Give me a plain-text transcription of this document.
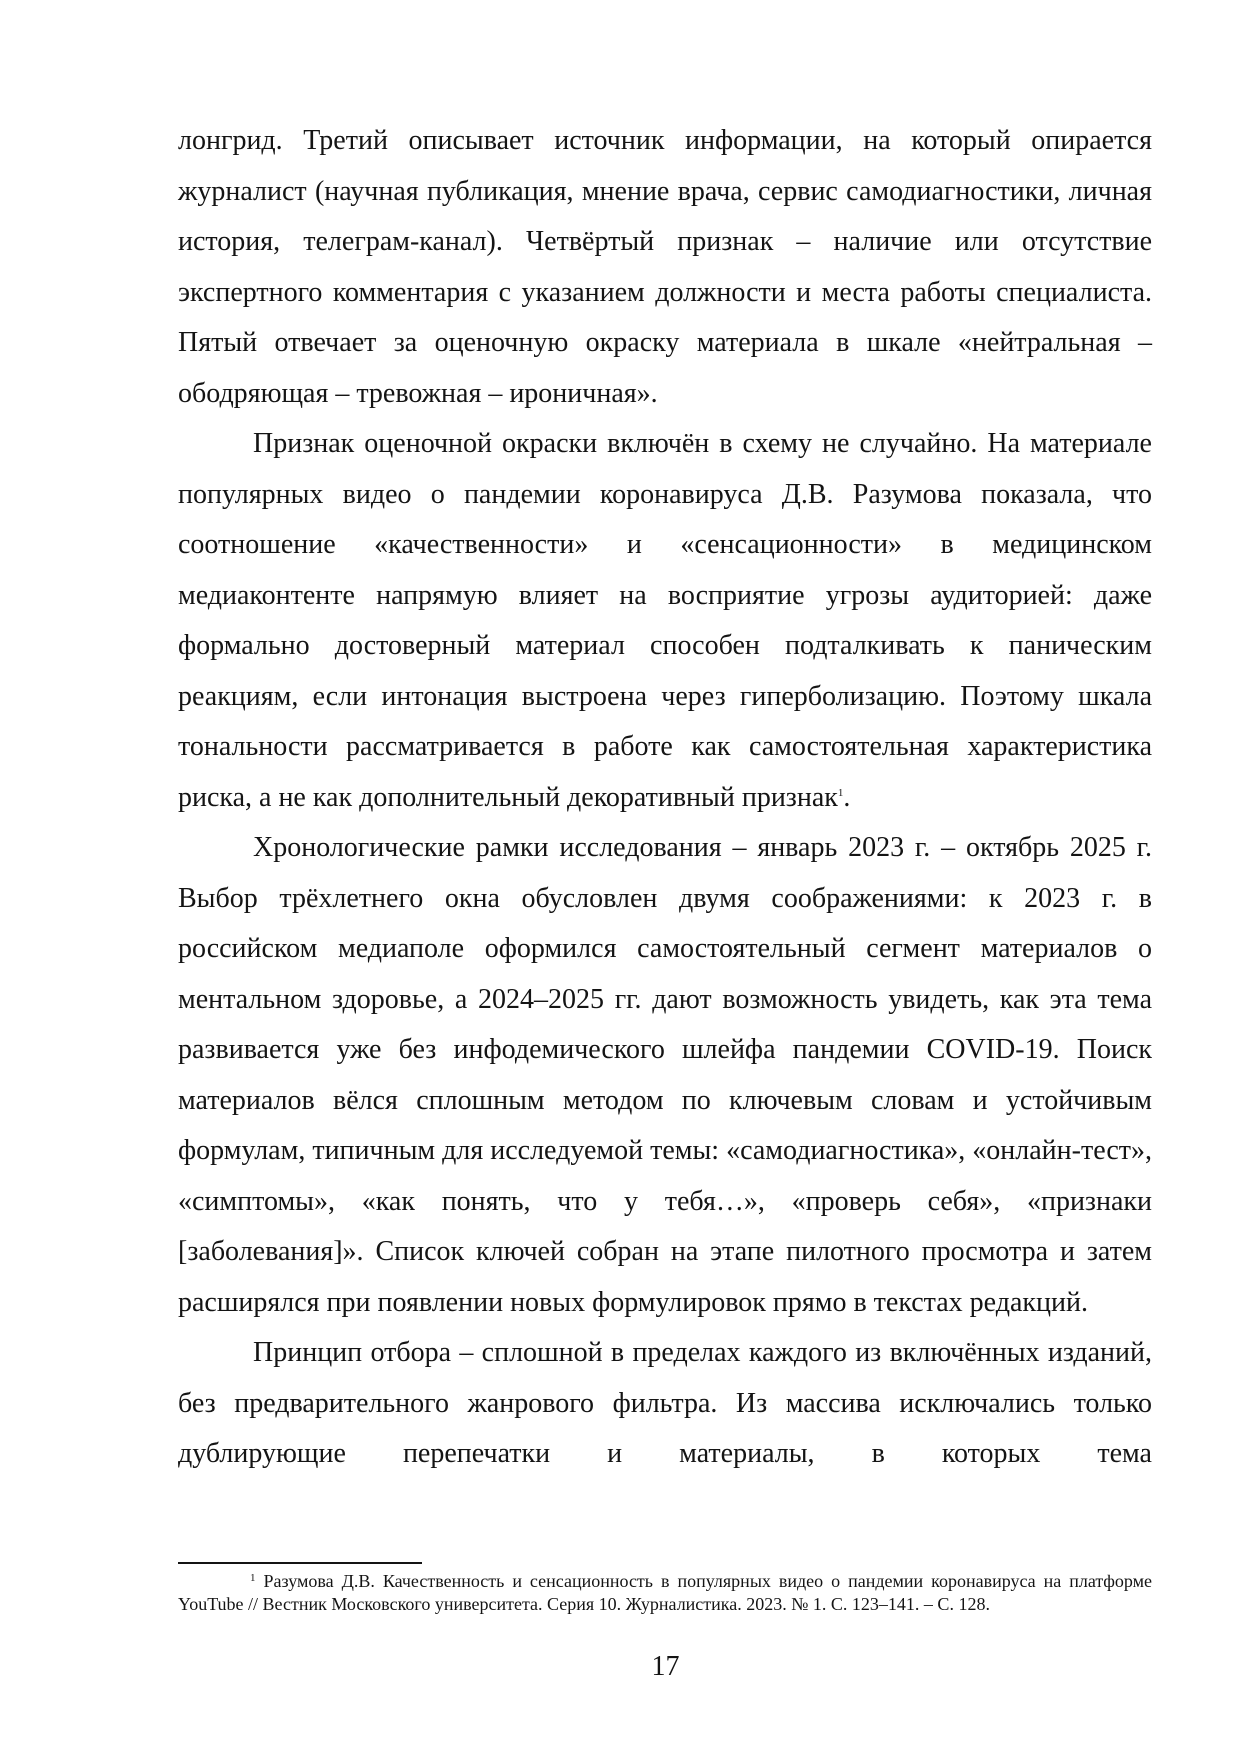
лонгрид. Третий описывает источник информации, на который опирается журналист (научная публикация, мнение врача, сервис самодиагностики, личная история, телеграм-канал). Четвёртый признак – наличие или отсутствие экспертного комментария с указанием должности и места работы специалиста. Пятый отвечает за оценочную окраску материала в шкале «нейтральная – ободряющая – тревожная – ироничная».

Признак оценочной окраски включён в схему не случайно. На материале популярных видео о пандемии коронавируса Д.В. Разумова показала, что соотношение «качественности» и «сенсационности» в медицинском медиаконтенте напрямую влияет на восприятие угрозы аудиторией: даже формально достоверный материал способен подталкивать к паническим реакциям, если интонация выстроена через гиперболизацию. Поэтому шкала тональности рассматривается в работе как самостоятельная характеристика риска, а не как дополнительный декоративный признак$^1$.

Хронологические рамки исследования – январь 2023 г. – октябрь 2025 г. Выбор трёхлетнего окна обусловлен двумя соображениями: к 2023 г. в российском медиаполе оформился самостоятельный сегмент материалов о ментальном здоровье, а 2024–2025 гг. дают возможность увидеть, как эта тема развивается уже без инфодемического шлейфа пандемии COVID-19. Поиск материалов вёлся сплошным методом по ключевым словам и устойчивым формулам, типичным для исследуемой темы: «самодиагностика», «онлайн-тест», «симптомы», «как понять, что у тебя…», «проверь себя», «признаки [заболевания]». Список ключей собран на этапе пилотного просмотра и затем расширялся при появлении новых формулировок прямо в текстах редакций.

Принцип отбора – сплошной в пределах каждого из включённых изданий, без предварительного жанрового фильтра. Из массива исключались только дублирующие перепечатки и материалы, в которых тема

$^1$ Разумова Д.В. Качественность и сенсационность в популярных видео о пандемии коронавируса на платформе YouTube // Вестник Московского университета. Серия 10. Журналистика. 2023. № 1. С. 123–141. – С. 128.
17
